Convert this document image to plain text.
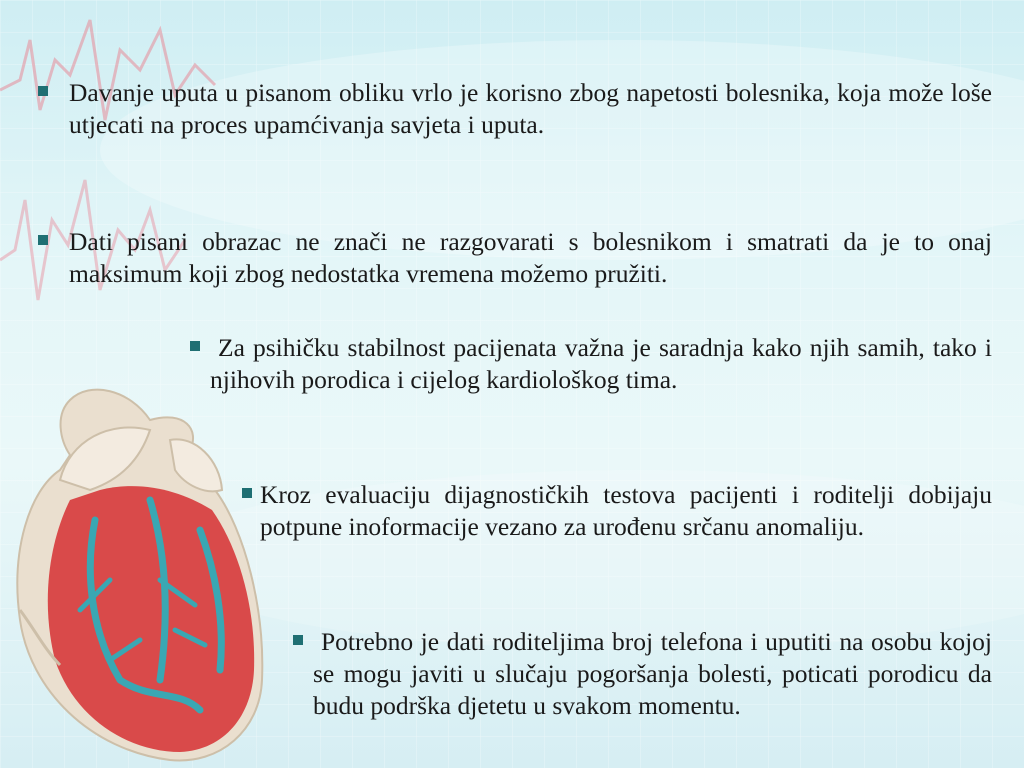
Davanje uputa u pisanom obliku vrlo je korisno zbog napetosti bolesnika, koja može loše utjecati na proces upamćivanja savjeta i uputa.
Dati pisani obrazac ne znači ne razgovarati s bolesnikom i smatrati da je to onaj maksimum koji zbog nedostatka vremena možemo pružiti.
Za psihičku stabilnost pacijenata važna je saradnja kako njih samih, tako i njihovih porodica i cijelog kardiološkog tima.
Kroz evaluaciju dijagnostičkih testova pacijenti i roditelji dobijaju potpune inoformacije vezano za urođenu srčanu anomaliju.
Potrebno je dati roditeljima broj telefona i uputiti na osobu kojoj se mogu javiti u slučaju pogoršanja bolesti, poticati porodicu da budu podrška djetetu u svakom momentu.
